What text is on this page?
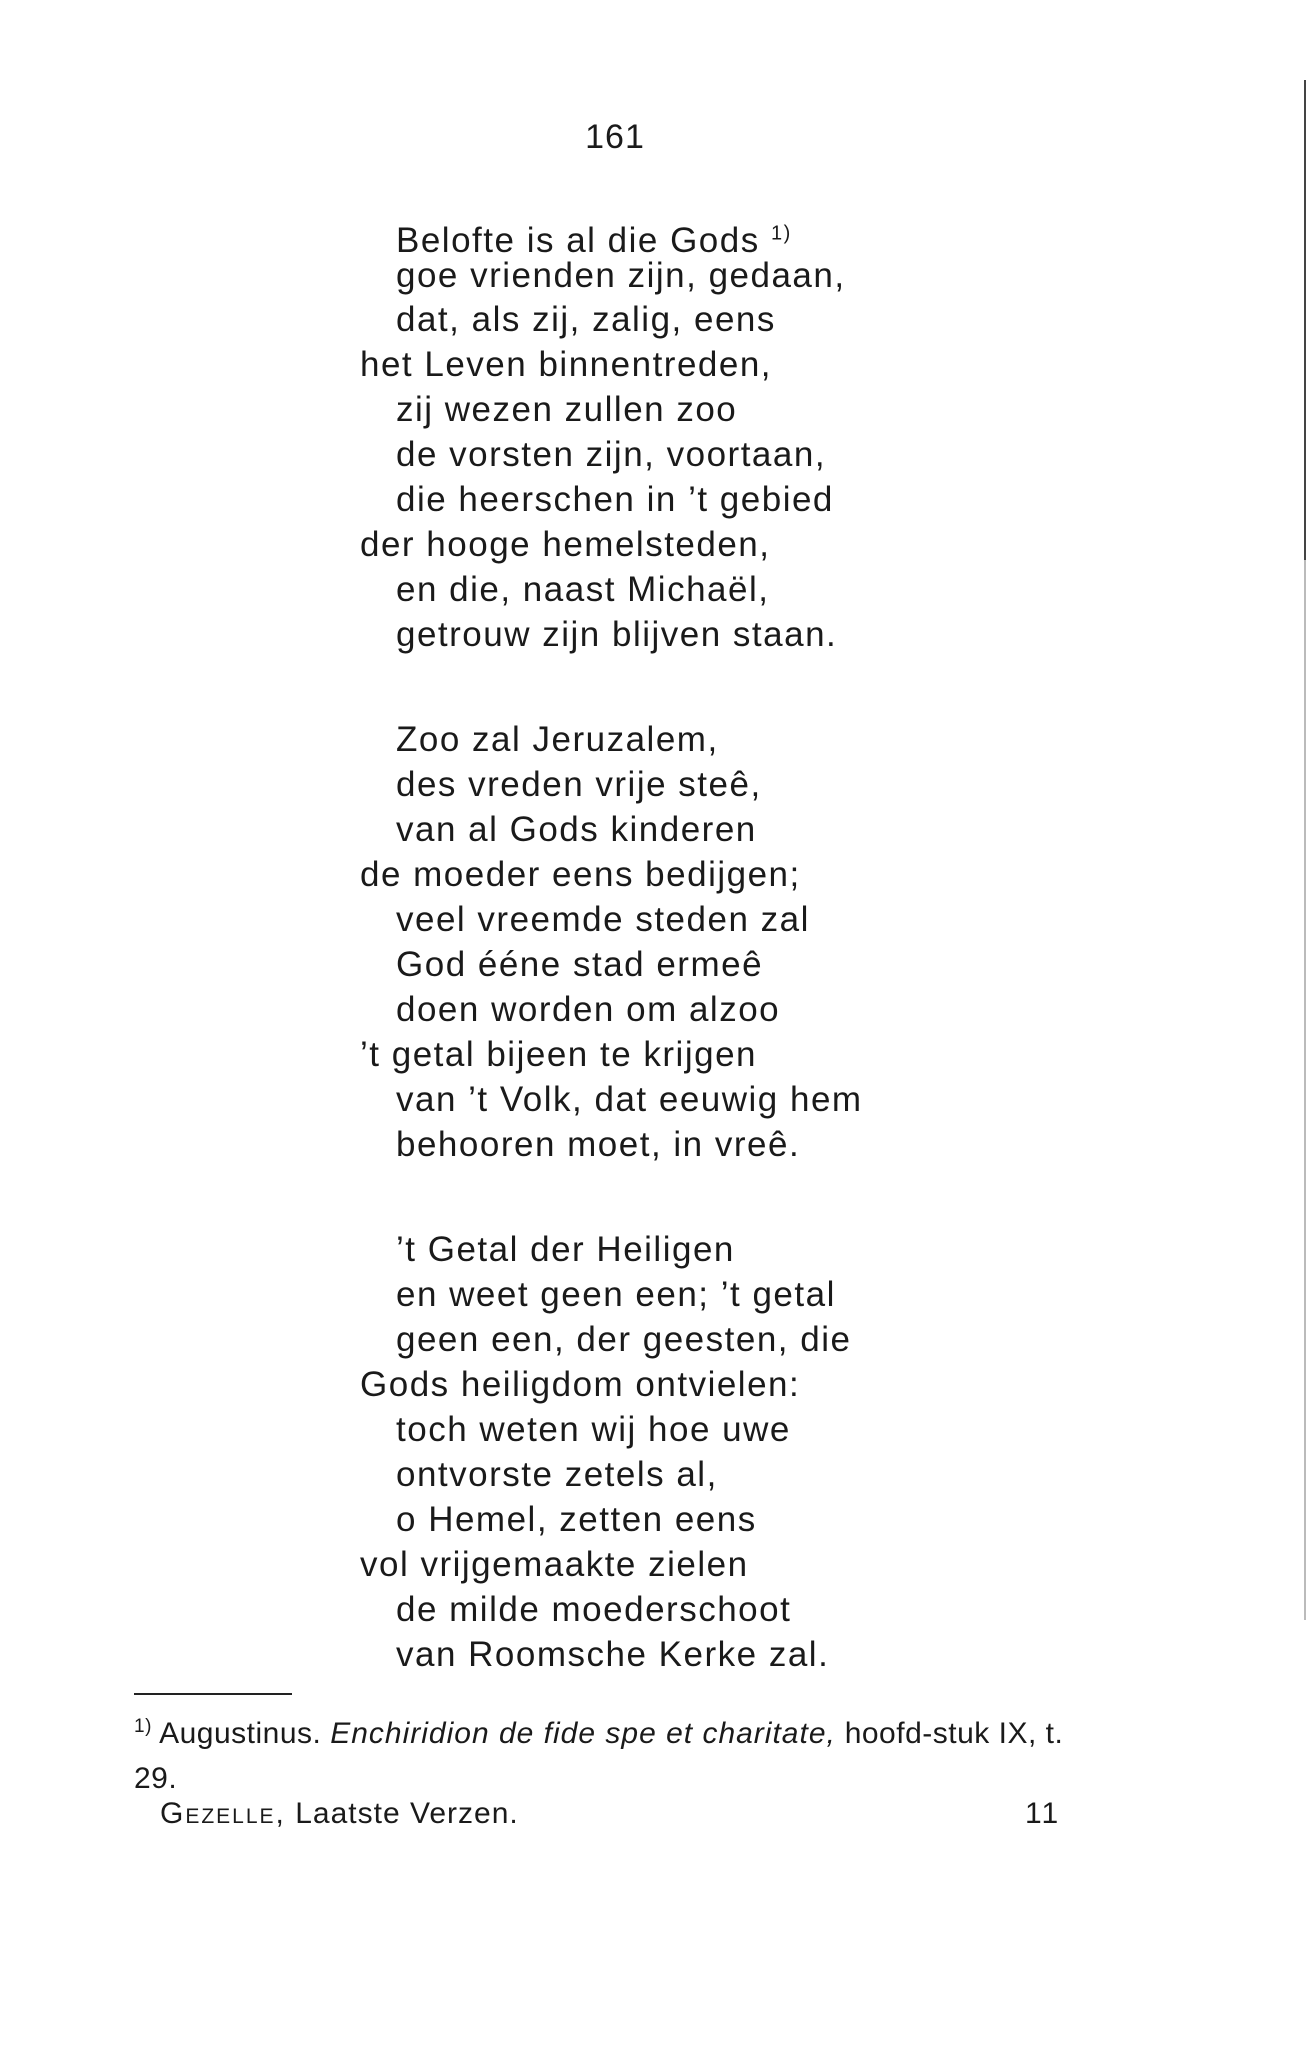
161
Belofte is al die Gods $^{1)}$
goe vrienden zijn, gedaan,
dat, als zij, zalig, eens
het Leven binnentreden,
zij wezen zullen zoo
de vorsten zijn, voortaan,
die heerschen in ’t gebied
der hooge hemelsteden,
en die, naast Michaël,
getrouw zijn blijven staan.
Zoo zal Jeruzalem,
des vreden vrije steê,
van al Gods kinderen
de moeder eens bedijgen;
veel vreemde steden zal
God ééne stad ermeê
doen worden om alzoo
’t getal bijeen te krijgen
van ’t Volk, dat eeuwig hem
behooren moet, in vreê.
’t Getal der Heiligen
en weet geen een; ’t getal
geen een, der geesten, die
Gods heiligdom ontvielen:
toch weten wij hoe uwe
ontvorste zetels al,
o Hemel, zetten eens
vol vrijgemaakte zielen
de milde moederschoot
van Roomsche Kerke zal.
$^{1)}$ Augustinus. Enchiridion de fide spe et charitate, hoofd-stuk IX, t. 29.
Gezelle, Laatste Verzen.	11
